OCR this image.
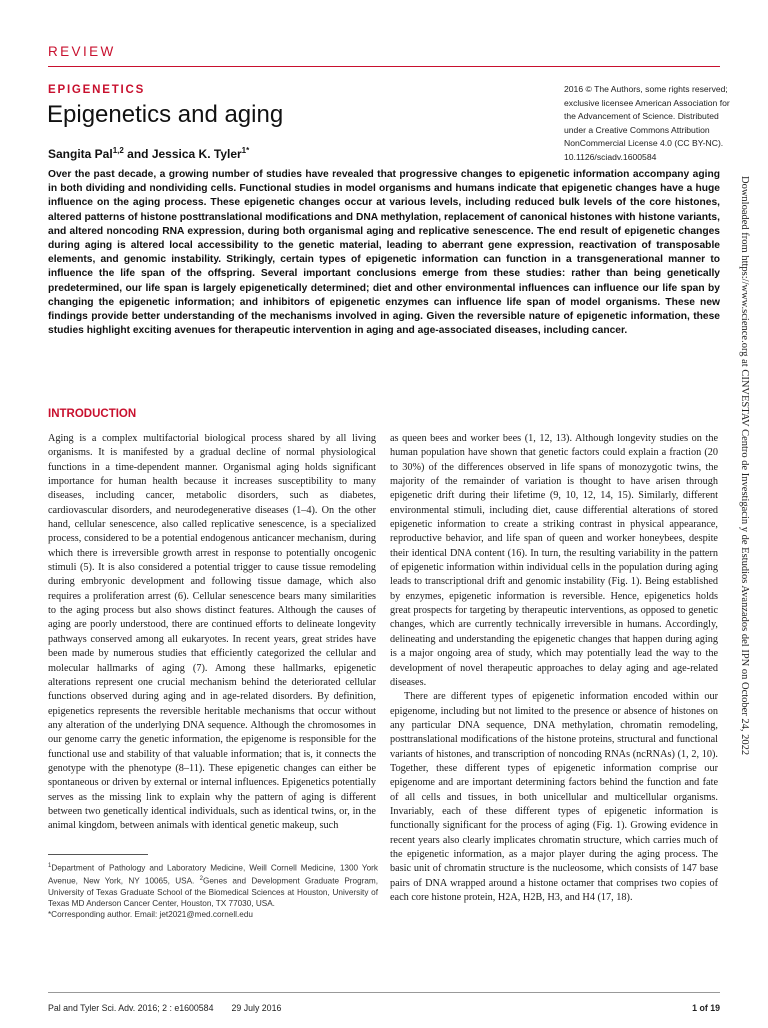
REVIEW
EPIGENETICS
Epigenetics and aging
Sangita Pal$^{1,2}$ and Jessica K. Tyler$^{1*}$
2016 © The Authors, some rights reserved; exclusive licensee American Association for the Advancement of Science. Distributed under a Creative Commons Attribution NonCommercial License 4.0 (CC BY-NC). 10.1126/sciadv.1600584
Over the past decade, a growing number of studies have revealed that progressive changes to epigenetic information accompany aging in both dividing and nondividing cells. Functional studies in model organisms and humans indicate that epigenetic changes have a huge influence on the aging process. These epigenetic changes occur at various levels, including reduced bulk levels of the core histones, altered patterns of histone posttranslational modifications and DNA methylation, replacement of canonical histones with histone variants, and altered noncoding RNA expression, during both organismal aging and replicative senescence. The end result of epigenetic changes during aging is altered local accessibility to the genetic material, leading to aberrant gene expression, reactivation of transposable elements, and genomic instability. Strikingly, certain types of epigenetic information can function in a transgenerational manner to influence the life span of the offspring. Several important conclusions emerge from these studies: rather than being genetically predetermined, our life span is largely epigenetically determined; diet and other environmental influences can influence our life span by changing the epigenetic information; and inhibitors of epigenetic enzymes can influence life span of model organisms. These new findings provide better understanding of the mechanisms involved in aging. Given the reversible nature of epigenetic information, these studies highlight exciting avenues for therapeutic intervention in aging and age-associated diseases, including cancer.	Downloaded from https://www.science.org at CINVESTAV Centro de Investigacin y de Estudios Avanzados del IPN on October 24, 2022
INTRODUCTION

Aging is a complex multifactorial biological process shared by all living organisms. It is manifested by a gradual decline of normal physiological functions in a time-dependent manner. Organismal aging holds significant importance for human health because it increases susceptibility to many diseases, including cancer, metabolic disorders, such as diabetes, cardiovascular disorders, and neurodegenerative diseases (1–4). On the other hand, cellular senescence, also called replicative senescence, is a specialized process, considered to be a potential endogenous anticancer mechanism, during which there is irreversible growth arrest in response to potentially oncogenic stimuli (5). It is also considered a potential trigger to cause tissue remodeling during embryonic development and following tissue damage, which also requires a proliferation arrest (6). Cellular senescence bears many similarities to the aging process but also shows distinct features. Although the causes of aging are poorly understood, there are continued efforts to delineate longevity pathways conserved among all eukaryotes. In recent years, great strides have been made by numerous studies that efficiently categorized the cellular and molecular hallmarks of aging (7). Among these hallmarks, epigenetic alterations represent one crucial mechanism behind the deteriorated cellular functions observed during aging and in age-related disorders. By definition, epigenetics represents the reversible heritable mechanisms that occur without any alteration of the underlying DNA sequence. Although the chromosomes in our genome carry the genetic information, the epigenome is responsible for the functional use and stability of that valuable information; that is, it connects the genotype with the phenotype (8–11). These epigenetic changes can either be spontaneous or driven by external or internal influences. Epigenetics potentially serves as the missing link to explain why the pattern of aging is different between two genetically identical individuals, such as identical twins, or, in the animal kingdom, between animals with identical genetic makeup, such

as queen bees and worker bees (1, 12, 13). Although longevity studies on the human population have shown that genetic factors could explain a fraction (20 to 30%) of the differences observed in life spans of monozygotic twins, the majority of the remainder of variation is thought to have arisen through epigenetic drift during their lifetime (9, 10, 12, 14, 15). Similarly, different environmental stimuli, including diet, cause differential alterations of stored epigenetic information to create a striking contrast in physical appearance, reproductive behavior, and life span of queen and worker honeybees, despite their identical DNA content (16). In turn, the resulting variability in the pattern of epigenetic information within individual cells in the population during aging leads to transcriptional drift and genomic instability (Fig. 1). Being established by enzymes, epigenetic information is reversible. Hence, epigenetics holds great prospects for targeting by therapeutic interventions, as opposed to genetic changes, which are currently technically irreversible in humans. Accordingly, delineating and understanding the epigenetic changes that happen during aging is a major ongoing area of study, which may potentially lead the way to the development of novel therapeutic approaches to delay aging and age-related diseases.

There are different types of epigenetic information encoded within our epigenome, including but not limited to the presence or absence of histones on any particular DNA sequence, DNA methylation, chromatin remodeling, posttranslational modifications of the histone proteins, structural and functional variants of histones, and transcription of noncoding RNAs (ncRNAs) (1, 2, 10). Together, these different types of epigenetic information comprise our epigenome and are important determining factors behind the function and fate of all cells and tissues, in both unicellular and multicellular organisms. Invariably, each of these different types of epigenetic information is functionally significant for the process of aging (Fig. 1). Growing evidence in recent years also clearly implicates chromatin structure, which carries much of the epigenetic information, as a major player during the aging process. The basic unit of chromatin structure is the nucleosome, which consists of 147 base pairs of DNA wrapped around a histone octamer that comprises two copies of each core histone protein, H2A, H2B, H3, and H4 (17, 18).

$^1$Department of Pathology and Laboratory Medicine, Weill Cornell Medicine, 1300 York Avenue, New York, NY 10065, USA. $^2$Genes and Development Graduate Program, University of Texas Graduate School of the Biomedical Sciences at Houston, University of Texas MD Anderson Cancer Center, Houston, TX 77030, USA.

*Corresponding author. Email: jet2021@med.cornell.edu

Pal and Tyler Sci. Adv. 2016; 2 : e1600584 29 July 2016	1 of 19
